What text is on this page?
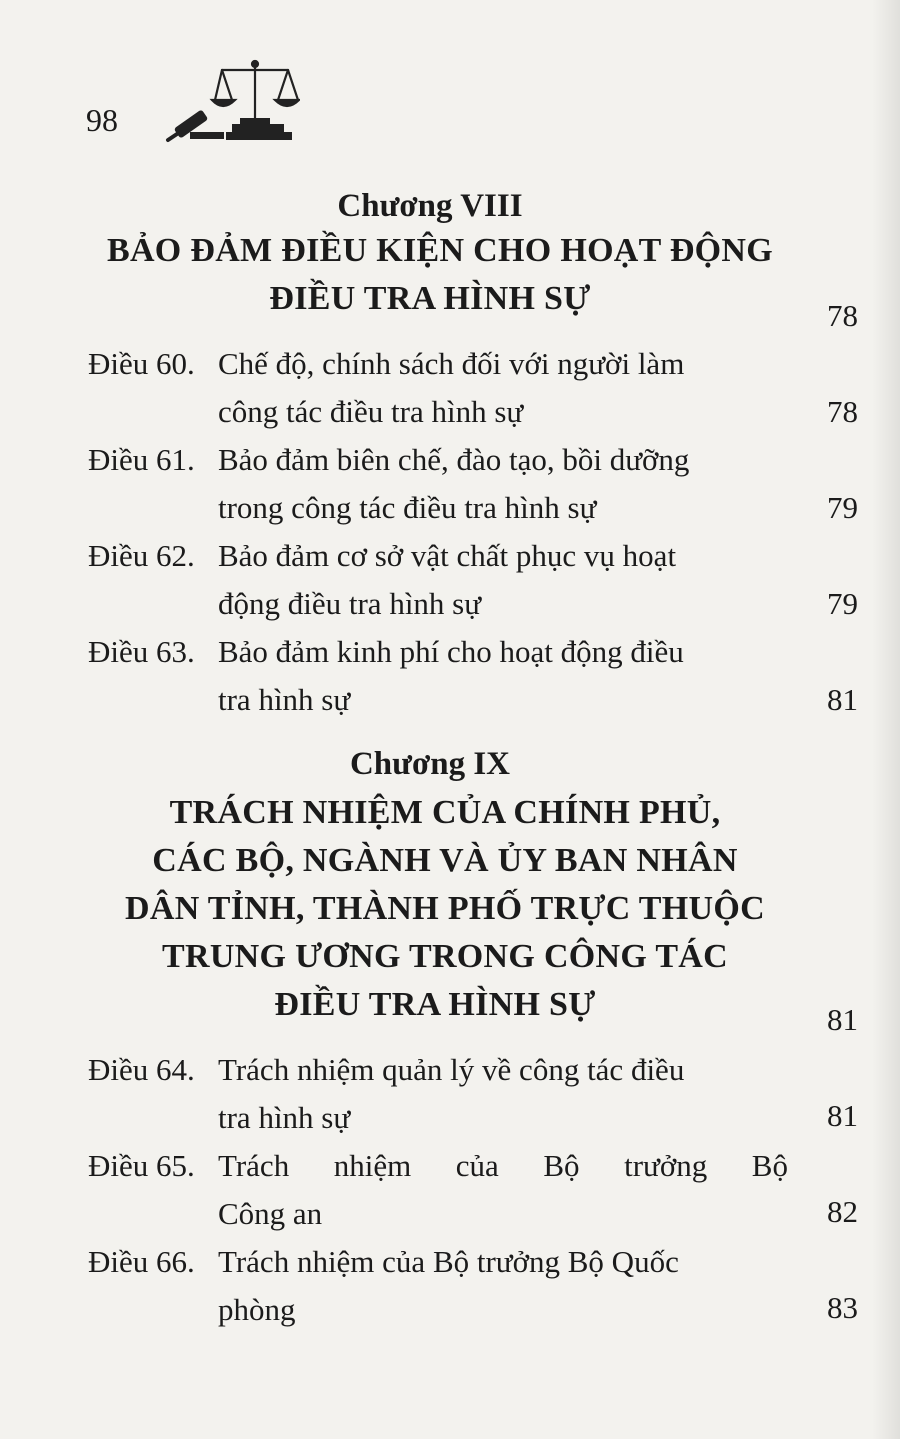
98
Chương VIII
BẢO ĐẢM ĐIỀU KIỆN CHO HOẠT ĐỘNG
ĐIỀU TRA HÌNH SỰ	78
Điều 60. Chế độ, chính sách đối với người làm
công tác điều tra hình sự	78
Điều 61. Bảo đảm biên chế, đào tạo, bồi dưỡng
trong công tác điều tra hình sự	79
Điều 62. Bảo đảm cơ sở vật chất phục vụ hoạt
động điều tra hình sự	79
Điều 63. Bảo đảm kinh phí cho hoạt động điều
tra hình sự	81
Chương IX
TRÁCH NHIỆM CỦA CHÍNH PHỦ,
CÁC BỘ, NGÀNH VÀ ỦY BAN NHÂN
DÂN TỈNH, THÀNH PHỐ TRỰC THUỘC
TRUNG ƯƠNG TRONG CÔNG TÁC
ĐIỀU TRA HÌNH SỰ	81
Điều 64. Trách nhiệm quản lý về công tác điều
tra hình sự	81
Điều 65. Trách nhiệm của Bộ trưởng Bộ
Công an	82
Điều 66. Trách nhiệm của Bộ trưởng Bộ Quốc
phòng	83
